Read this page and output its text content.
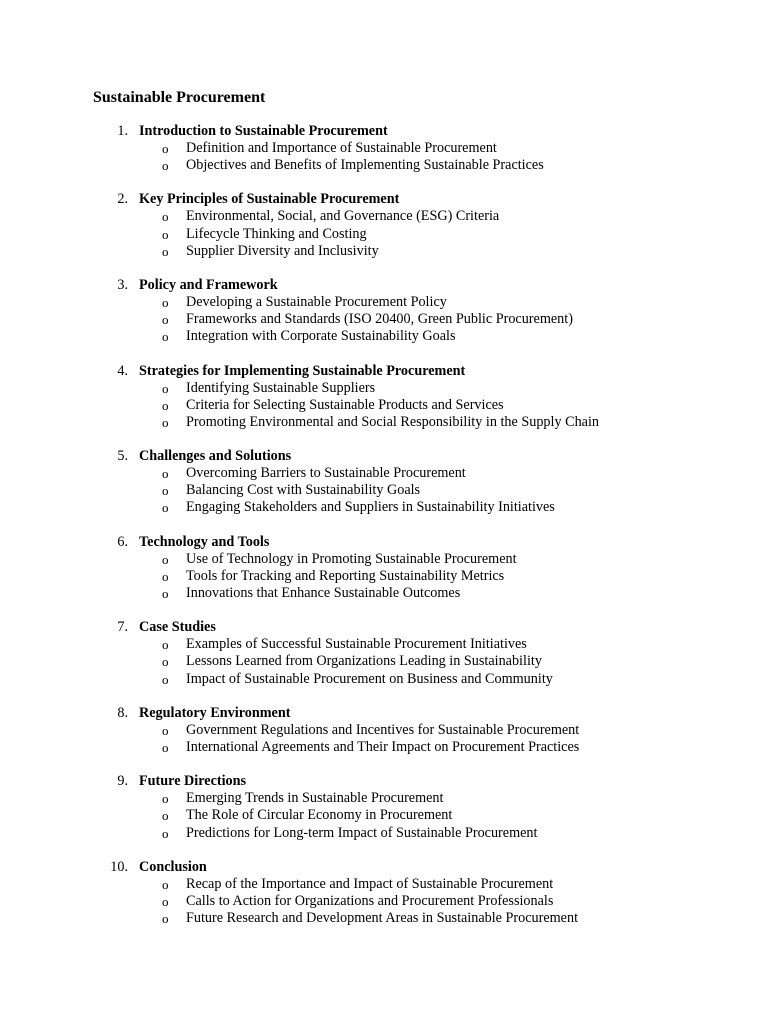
Sustainable Procurement
1. Introduction to Sustainable Procurement
o Definition and Importance of Sustainable Procurement
o Objectives and Benefits of Implementing Sustainable Practices
2. Key Principles of Sustainable Procurement
o Environmental, Social, and Governance (ESG) Criteria
o Lifecycle Thinking and Costing
o Supplier Diversity and Inclusivity
3. Policy and Framework
o Developing a Sustainable Procurement Policy
o Frameworks and Standards (ISO 20400, Green Public Procurement)
o Integration with Corporate Sustainability Goals
4. Strategies for Implementing Sustainable Procurement
o Identifying Sustainable Suppliers
o Criteria for Selecting Sustainable Products and Services
o Promoting Environmental and Social Responsibility in the Supply Chain
5. Challenges and Solutions
o Overcoming Barriers to Sustainable Procurement
o Balancing Cost with Sustainability Goals
o Engaging Stakeholders and Suppliers in Sustainability Initiatives
6. Technology and Tools
o Use of Technology in Promoting Sustainable Procurement
o Tools for Tracking and Reporting Sustainability Metrics
o Innovations that Enhance Sustainable Outcomes
7. Case Studies
o Examples of Successful Sustainable Procurement Initiatives
o Lessons Learned from Organizations Leading in Sustainability
o Impact of Sustainable Procurement on Business and Community
8. Regulatory Environment
o Government Regulations and Incentives for Sustainable Procurement
o International Agreements and Their Impact on Procurement Practices
9. Future Directions
o Emerging Trends in Sustainable Procurement
o The Role of Circular Economy in Procurement
o Predictions for Long-term Impact of Sustainable Procurement
10. Conclusion
o Recap of the Importance and Impact of Sustainable Procurement
o Calls to Action for Organizations and Procurement Professionals
o Future Research and Development Areas in Sustainable Procurement
